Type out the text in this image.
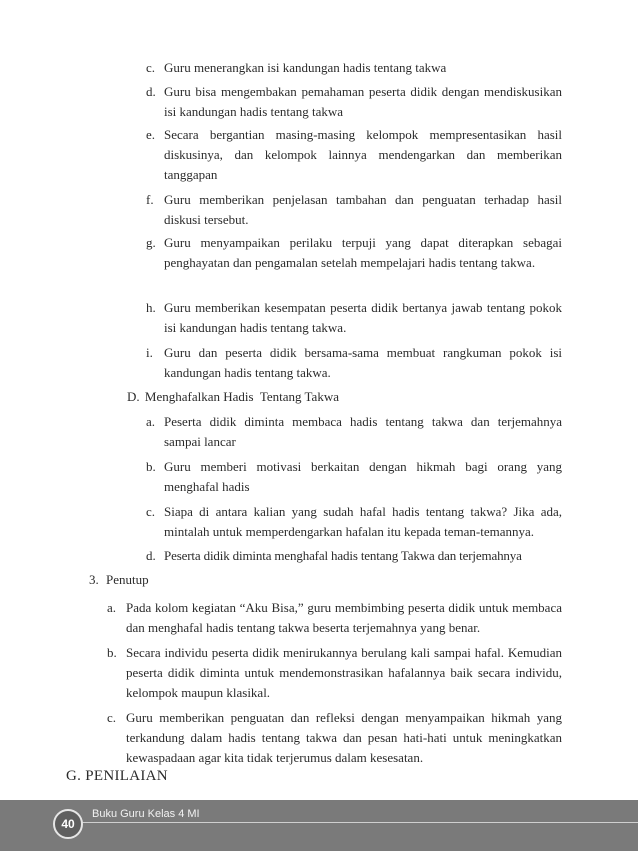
c. Guru menerangkan isi kandungan hadis tentang takwa
d. Guru bisa mengembakan pemahaman peserta didik dengan mendiskusikan isi kandungan hadis tentang takwa
e. Secara bergantian masing-masing kelompok mempresentasikan hasil diskusinya, dan kelompok lainnya mendengarkan dan memberikan tanggapan
f. Guru memberikan penjelasan tambahan dan penguatan terhadap hasil diskusi tersebut.
g. Guru menyampaikan perilaku terpuji yang dapat diterapkan sebagai penghayatan dan pengamalan setelah mempelajari hadis tentang takwa.
h. Guru memberikan kesempatan peserta didik bertanya jawab tentang pokok isi kandungan hadis tentang takwa.
i. Guru dan peserta didik bersama-sama membuat rangkuman pokok isi kandungan hadis tentang takwa.
D. Menghafalkan Hadis  Tentang Takwa
a. Peserta didik diminta membaca hadis tentang takwa dan terjemahnya sampai lancar
b. Guru memberi motivasi berkaitan dengan hikmah bagi orang yang menghafal hadis
c. Siapa di antara kalian yang sudah hafal hadis tentang takwa? Jika ada, mintalah untuk memperdengarkan hafalan itu kepada teman-temannya.
d. Peserta didik diminta menghafal hadis tentang Takwa dan terjemahnya
3. Penutup
a. Pada kolom kegiatan “Aku Bisa,” guru membimbing peserta didik untuk membaca dan menghafal hadis tentang takwa beserta terjemahnya yang benar.
b. Secara individu peserta didik menirukannya berulang kali sampai hafal. Kemudian peserta didik diminta untuk mendemonstrasikan hafalannya baik secara individu, kelompok maupun klasikal.
c. Guru memberikan penguatan dan refleksi dengan menyampaikan hikmah yang terkandung dalam hadis tentang takwa dan pesan hati-hati untuk meningkatkan kewaspadaan agar kita tidak terjerumus dalam kesesatan.
G. PENILAIAN
40
Buku Guru Kelas 4 MI
